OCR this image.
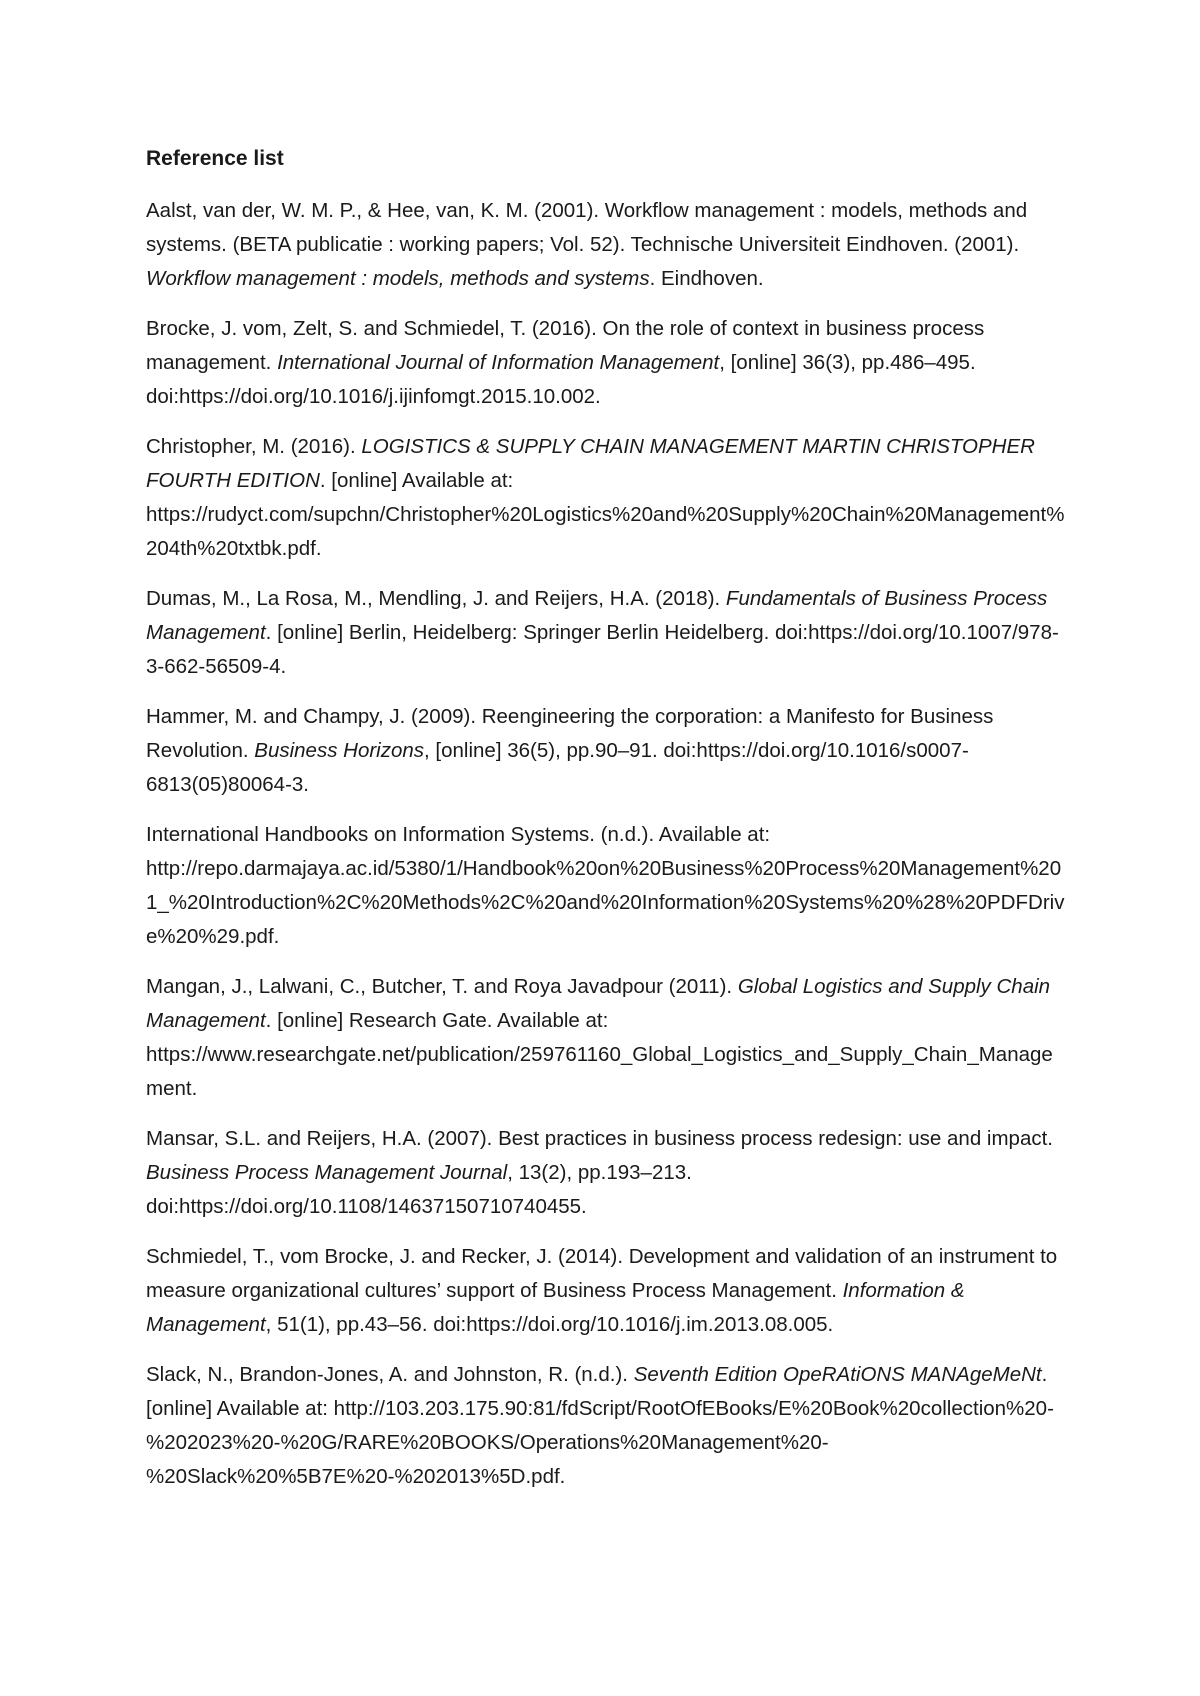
Reference list

Aalst, van der, W. M. P., & Hee, van, K. M. (2001). Workflow management : models, methods and systems. (BETA publicatie : working papers; Vol. 52). Technische Universiteit Eindhoven. (2001). Workflow management : models, methods and systems. Eindhoven.

Brocke, J. vom, Zelt, S. and Schmiedel, T. (2016). On the role of context in business process management. International Journal of Information Management, [online] 36(3), pp.486–495. doi:https://doi.org/10.1016/j.ijinfomgt.2015.10.002.

Christopher, M. (2016). LOGISTICS & SUPPLY CHAIN MANAGEMENT MARTIN CHRISTOPHER FOURTH EDITION. [online] Available at: https://rudyct.com/supchn/Christopher%20Logistics%20and%20Supply%20Chain%20Management%204th%20txtbk.pdf.

Dumas, M., La Rosa, M., Mendling, J. and Reijers, H.A. (2018). Fundamentals of Business Process Management. [online] Berlin, Heidelberg: Springer Berlin Heidelberg. doi:https://doi.org/10.1007/978-3-662-56509-4.

Hammer, M. and Champy, J. (2009). Reengineering the corporation: a Manifesto for Business Revolution. Business Horizons, [online] 36(5), pp.90–91. doi:https://doi.org/10.1016/s0007-6813(05)80064-3.

International Handbooks on Information Systems. (n.d.). Available at: http://repo.darmajaya.ac.id/5380/1/Handbook%20on%20Business%20Process%20Management%201_%20Introduction%2C%20Methods%2C%20and%20Information%20Systems%20%28%20PDFDrive%20%29.pdf.

Mangan, J., Lalwani, C., Butcher, T. and Roya Javadpour (2011). Global Logistics and Supply Chain Management. [online] Research Gate. Available at: https://www.researchgate.net/publication/259761160_Global_Logistics_and_Supply_Chain_Management.

Mansar, S.L. and Reijers, H.A. (2007). Best practices in business process redesign: use and impact. Business Process Management Journal, 13(2), pp.193–213. doi:https://doi.org/10.1108/14637150710740455.

Schmiedel, T., vom Brocke, J. and Recker, J. (2014). Development and validation of an instrument to measure organizational cultures’ support of Business Process Management. Information & Management, 51(1), pp.43–56. doi:https://doi.org/10.1016/j.im.2013.08.005.

Slack, N., Brandon-Jones, A. and Johnston, R. (n.d.). Seventh Edition OpeRAtiONS MANAgeMeNt. [online] Available at: http://103.203.175.90:81/fdScript/RootOfEBooks/E%20Book%20collection%20-%202023%20-%20G/RARE%20BOOKS/Operations%20Management%20-%20Slack%20%5B7E%20-%202013%5D.pdf.
